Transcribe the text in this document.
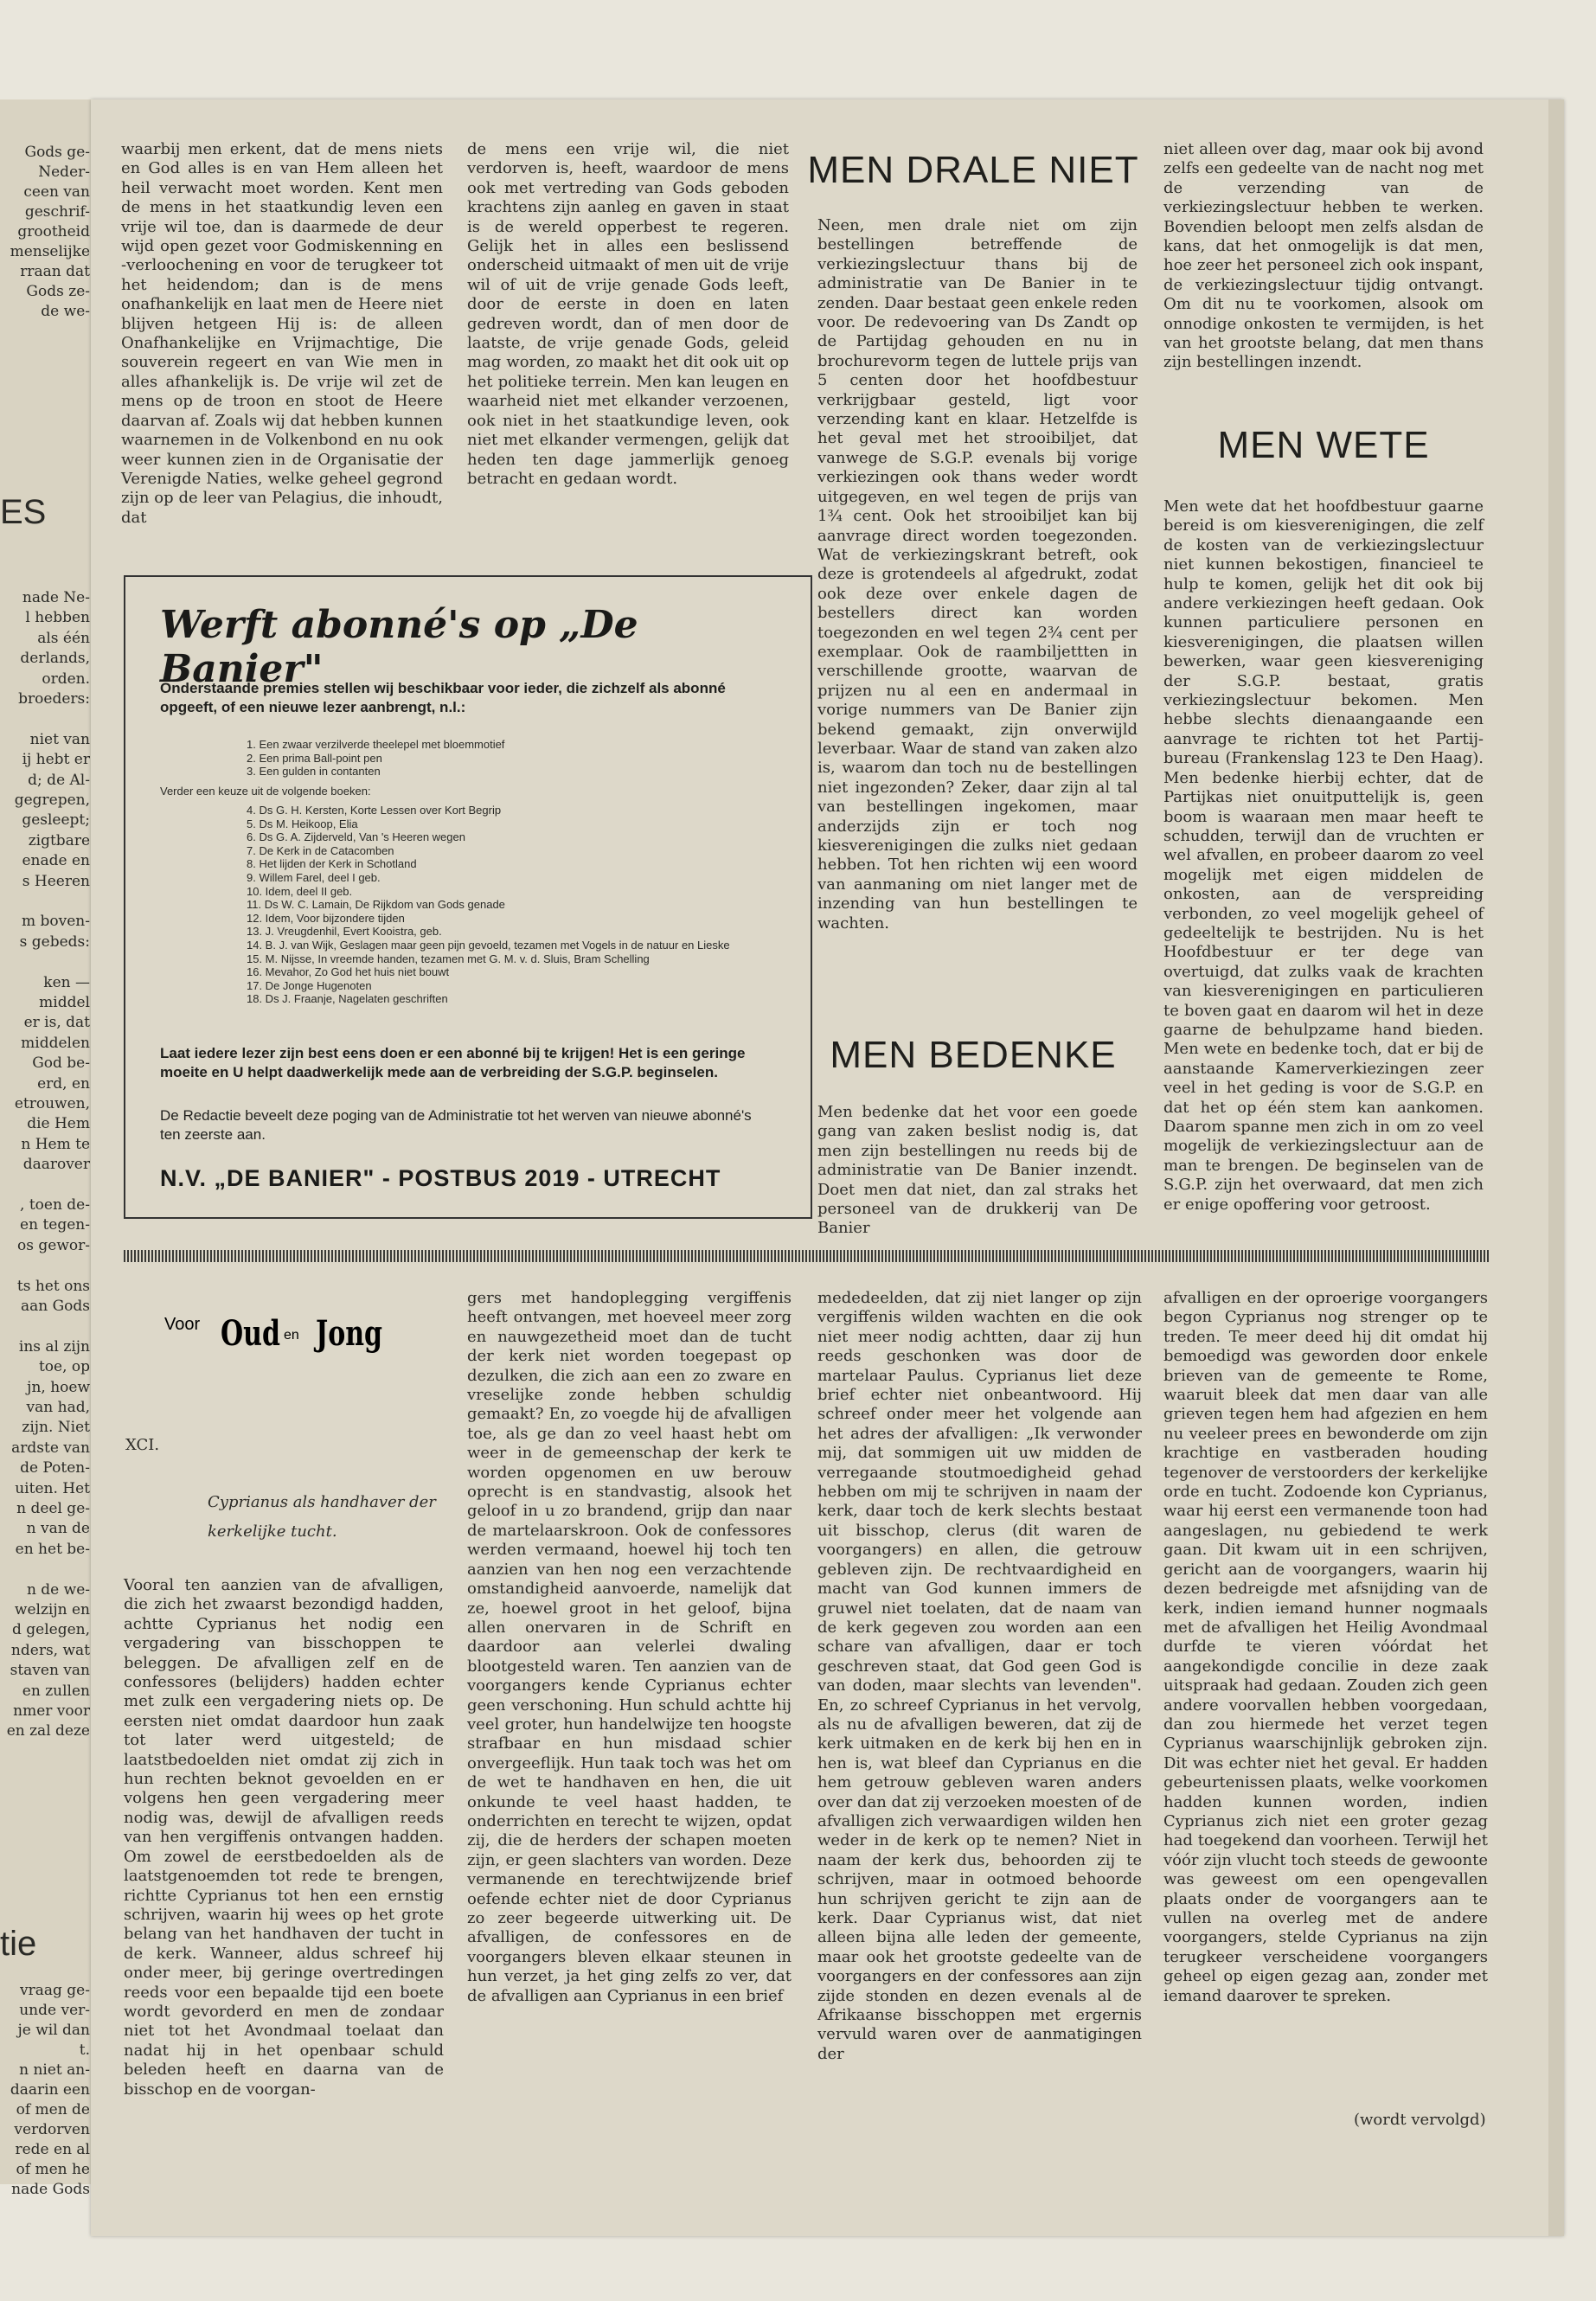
ES
tie
Gods ge-
Neder-
ceen van
geschrif-
grootheid
menselijke
rraan dat
Gods ze-
de we-
nade Ne-
l hebben
als één
derlands,
orden.
broeders:
niet van
ij hebt er
d; de Al-
gegrepen,
gesleept;
zigtbare
enade en
s Heeren
m boven-
s gebeds:
ken —
middel
er is, dat
middelen
God be-
erd, en
etrouwen,
die Hem
n Hem te
daarover
, toen de-
en tegen-
os gewor-
ts het ons
aan Gods
ins al zijn
toe, op
jn, hoew
van had,
zijn. Niet
ardste van
de Poten-
uiten. Het
n deel ge-
n van de
en het be-
n de we-
welzijn en
d gelegen,
nders, wat
staven van
en zullen
nmer voor
en zal deze
vraag ge-
unde ver-
je wil dan
t.
n niet an-
daarin een
of men de
verdorven
rede en al
of men he
nade Gods
waarbij men erkent, dat de mens niets en God alles is en van Hem alleen het heil verwacht moet worden. Kent men de mens in het staatkundig leven een vrije wil toe, dan is daarmede de deur wijd open gezet voor Godmiskenning en -verloochening en voor de terugkeer tot het heidendom; dan is de mens onafhankelijk en laat men de Heere niet blijven hetgeen Hij is: de alleen Onafhankelijke en Vrijmachtige, Die souverein regeert en van Wie men in alles afhankelijk is. De vrije wil zet de mens op de troon en stoot de Heere daarvan af. Zoals wij dat hebben kunnen waarnemen in de Volkenbond en nu ook weer kunnen zien in de Organisatie der Verenigde Naties, welke geheel gegrond zijn op de leer van Pelagius, die inhoudt, dat
de mens een vrije wil, die niet verdorven is, heeft, waardoor de mens ook met vertreding van Gods geboden krachtens zijn aanleg en gaven in staat is de wereld opperbest te regeren. Gelijk het in alles een beslissend onderscheid uitmaakt of men uit de vrije wil of uit de vrije genade Gods leeft, door de eerste in doen en laten gedreven wordt, dan of men door de laatste, de vrije genade Gods, geleid mag worden, zo maakt het dit ook uit op het politieke terrein. Men kan leugen en waarheid niet met elkander verzoenen, ook niet in het staatkundige leven, ook niet met elkander vermengen, gelijk dat heden ten dage jammerlijk genoeg betracht en gedaan wordt.
Werft abonné's op „De Banier"
Onderstaande premies stellen wij beschikbaar voor ieder, die zichzelf als abonné opgeeft, of een nieuwe lezer aanbrengt, n.l.:
1. Een zwaar verzilverde theelepel met bloemmotief
2. Een prima Ball-point pen
3. Een gulden in contanten
Verder een keuze uit de volgende boeken:
4. Ds G. H. Kersten, Korte Lessen over Kort Begrip
5. Ds M. Heikoop, Elia
6. Ds G. A. Zijderveld, Van 's Heeren wegen
7. De Kerk in de Catacomben
8. Het lijden der Kerk in Schotland
9. Willem Farel, deel I geb.
10. Idem, deel II geb.
11. Ds W. C. Lamain, De Rijkdom van Gods genade
12. Idem, Voor bijzondere tijden
13. J. Vreugdenhil, Evert Kooistra, geb.
14. B. J. van Wijk, Geslagen maar geen pijn gevoeld, tezamen met Vogels in de natuur en Lieske
15. M. Nijsse, In vreemde handen, tezamen met G. M. v. d. Sluis, Bram Schelling
16. Mevahor, Zo God het huis niet bouwt
17. De Jonge Hugenoten
18. Ds J. Fraanje, Nagelaten geschriften
Laat iedere lezer zijn best eens doen er een abonné bij te krijgen! Het is een geringe moeite en U helpt daadwerkelijk mede aan de verbreiding der S.G.P. beginselen.
De Redactie beveelt deze poging van de Administratie tot het werven van nieuwe abonné's ten zeerste aan.
N.V. „DE BANIER" - POSTBUS 2019 - UTRECHT
MEN DRALE NIET
Neen, men drale niet om zijn bestellingen betreffende de verkiezingslectuur thans bij de administratie van De Banier in te zenden. Daar bestaat geen enkele reden voor. De redevoering van Ds Zandt op de Partijdag gehouden en nu in brochurevorm tegen de luttele prijs van 5 centen door het hoofdbestuur verkrijgbaar gesteld, ligt voor verzending kant en klaar. Hetzelfde is het geval met het strooibiljet, dat vanwege de S.G.P. evenals bij vorige verkiezingen ook thans weder wordt uitgegeven, en wel tegen de prijs van 1¾ cent. Ook het strooibiljet kan bij aanvrage direct worden toegezonden. Wat de verkiezingskrant betreft, ook deze is grotendeels al afgedrukt, zodat ook deze over enkele dagen de bestellers direct kan worden toegezonden en wel tegen 2¾ cent per exemplaar. Ook de raambiljettten in verschillende grootte, waarvan de prijzen nu al een en andermaal in vorige nummers van De Banier zijn bekend gemaakt, zijn onverwijld leverbaar. Waar de stand van zaken alzo is, waarom dan toch nu de bestellingen niet ingezonden? Zeker, daar zijn al tal van bestellingen ingekomen, maar anderzijds zijn er toch nog kiesverenigingen die zulks niet gedaan hebben. Tot hen richten wij een woord van aanmaning om niet langer met de inzending van hun bestellingen te wachten.
MEN BEDENKE
Men bedenke dat het voor een goede gang van zaken beslist nodig is, dat men zijn bestellingen nu reeds bij de administratie van De Banier inzendt. Doet men dat niet, dan zal straks het personeel van de drukkerij van De Banier
niet alleen over dag, maar ook bij avond zelfs een gedeelte van de nacht nog met de verzending van de verkiezingslectuur hebben te werken. Bovendien beloopt men zelfs alsdan de kans, dat het onmogelijk is dat men, hoe zeer het personeel zich ook inspant, de verkiezingslectuur tijdig ontvangt. Om dit nu te voorkomen, alsook om onnodige onkosten te vermijden, is het van het grootste belang, dat men thans zijn bestellingen inzendt.
MEN WETE
Men wete dat het hoofdbestuur gaarne bereid is om kiesverenigingen, die zelf de kosten van de verkiezingslectuur niet kunnen bekostigen, financieel te hulp te komen, gelijk het dit ook bij andere verkiezingen heeft gedaan. Ook kunnen particuliere personen en kiesverenigingen, die plaatsen willen bewerken, waar geen kiesvereniging der S.G.P. bestaat, gratis verkiezingslectuur bekomen. Men hebbe slechts dienaangaande een aanvrage te richten tot het Partij-bureau (Frankenslag 123 te Den Haag). Men bedenke hierbij echter, dat de Partijkas niet onuitputtelijk is, geen boom is waaraan men maar heeft te schudden, terwijl dan de vruchten er wel afvallen, en probeer daarom zo veel mogelijk met eigen middelen de onkosten, aan de verspreiding verbonden, zo veel mogelijk geheel of gedeeltelijk te bestrijden. Nu is het Hoofdbestuur er ter dege van overtuigd, dat zulks vaak de krachten van kiesverenigingen en particulieren te boven gaat en daarom wil het in deze gaarne de behulpzame hand bieden. Men wete en bedenke toch, dat er bij de aanstaande Kamerverkiezingen zeer veel in het geding is voor de S.G.P. en dat het op één stem kan aankomen. Daarom spanne men zich in om zo veel mogelijk de verkiezingslectuur aan de man te brengen. De beginselen van de S.G.P. zijn het overwaard, dat men zich er enige opoffering voor getroost.
Voor Oud en Jong
XCI.
Cyprianus als handhaver der kerkelijke tucht.
Vooral ten aanzien van de afvalligen, die zich het zwaarst bezondigd hadden, achtte Cyprianus het nodig een vergadering van bisschoppen te beleggen. De afvalligen zelf en de confessores (belijders) hadden echter met zulk een vergadering niets op. De eersten niet omdat daardoor hun zaak tot later werd uitgesteld; de laatstbedoelden niet omdat zij zich in hun rechten beknot gevoelden en er volgens hen geen vergadering meer nodig was, dewijl de afvalligen reeds van hen vergiffenis ontvangen hadden. Om zowel de eerstbedoelden als de laatstgenoemden tot rede te brengen, richtte Cyprianus tot hen een ernstig schrijven, waarin hij wees op het grote belang van het handhaven der tucht in de kerk. Wanneer, aldus schreef hij onder meer, bij geringe overtredingen reeds voor een bepaalde tijd een boete wordt gevorderd en men de zondaar niet tot het Avondmaal toelaat dan nadat hij in het openbaar schuld beleden heeft en daarna van de bisschop en de voorgan-
gers met handoplegging vergiffenis heeft ontvangen, met hoeveel meer zorg en nauwgezetheid moet dan de tucht der kerk niet worden toegepast op dezulken, die zich aan een zo zware en vreselijke zonde hebben schuldig gemaakt? En, zo voegde hij de afvalligen toe, als ge dan zo veel haast hebt om weer in de gemeenschap der kerk te worden opgenomen en uw berouw oprecht is en standvastig, alsook het geloof in u zo brandend, grijp dan naar de martelaarskroon. Ook de confessores werden vermaand, hoewel hij toch ten aanzien van hen nog een verzachtende omstandigheid aanvoerde, namelijk dat ze, hoewel groot in het geloof, bijna allen onervaren in de Schrift en daardoor aan velerlei dwaling blootgesteld waren. Ten aanzien van de voorgangers kende Cyprianus echter geen verschoning. Hun schuld achtte hij veel groter, hun handelwijze ten hoogste strafbaar en hun misdaad schier onvergeeflijk. Hun taak toch was het om de wet te handhaven en hen, die uit onkunde te veel haast hadden, te onderrichten en terecht te wijzen, opdat zij, die de herders der schapen moeten zijn, er geen slachters van worden. Deze vermanende en terechtwijzende brief oefende echter niet de door Cyprianus zo zeer begeerde uitwerking uit. De afvalligen, de confessores en de voorgangers bleven elkaar steunen in hun verzet, ja het ging zelfs zo ver, dat de afvalligen aan Cyprianus in een brief
mededeelden, dat zij niet langer op zijn vergiffenis wilden wachten en die ook niet meer nodig achtten, daar zij hun reeds geschonken was door de martelaar Paulus. Cyprianus liet deze brief echter niet onbeantwoord. Hij schreef onder meer het volgende aan het adres der afvalligen: „Ik verwonder mij, dat sommigen uit uw midden de verregaande stoutmoedigheid gehad hebben om mij te schrijven in naam der kerk, daar toch de kerk slechts bestaat uit bisschop, clerus (dit waren de voorgangers) en allen, die getrouw gebleven zijn. De rechtvaardigheid en macht van God kunnen immers de gruwel niet toelaten, dat de naam van de kerk gegeven zou worden aan een schare van afvalligen, daar er toch geschreven staat, dat God geen God is van doden, maar slechts van levenden". En, zo schreef Cyprianus in het vervolg, als nu de afvalligen beweren, dat zij de kerk uitmaken en de kerk bij hen en in hen is, wat bleef dan Cyprianus en die hem getrouw gebleven waren anders over dan dat zij verzoeken moesten of de afvalligen zich verwaardigen wilden hen weder in de kerk op te nemen? Niet in naam der kerk dus, behoorden zij te schrijven, maar in ootmoed behoorde hun schrijven gericht te zijn aan de kerk. Daar Cyprianus wist, dat niet alleen bijna alle leden der gemeente, maar ook het grootste gedeelte van de voorgangers en der confessores aan zijn zijde stonden en dezen evenals al de Afrikaanse bisschoppen met ergernis vervuld waren over de aanmatigingen der
afvalligen en der oproerige voorgangers begon Cyprianus nog strenger op te treden. Te meer deed hij dit omdat hij bemoedigd was geworden door enkele brieven van de gemeente te Rome, waaruit bleek dat men daar van alle grieven tegen hem had afgezien en hem nu veeleer prees en bewonderde om zijn krachtige en vastberaden houding tegenover de verstoorders der kerkelijke orde en tucht. Zodoende kon Cyprianus, waar hij eerst een vermanende toon had aangeslagen, nu gebiedend te werk gaan. Dit kwam uit in een schrijven, gericht aan de voorgangers, waarin hij dezen bedreigde met afsnijding van de kerk, indien iemand hunner nogmaals met de afvalligen het Heilig Avondmaal durfde te vieren vóórdat het aangekondigde concilie in deze zaak uitspraak had gedaan. Zouden zich geen andere voorvallen hebben voorgedaan, dan zou hiermede het verzet tegen Cyprianus waarschijnlijk gebroken zijn. Dit was echter niet het geval. Er hadden gebeurtenissen plaats, welke voorkomen hadden kunnen worden, indien Cyprianus zich niet een groter gezag had toegekend dan voorheen. Terwijl het vóór zijn vlucht toch steeds de gewoonte was geweest om een opengevallen plaats onder de voorgangers aan te vullen na overleg met de andere voorgangers, stelde Cyprianus na zijn terugkeer verscheidene voorgangers geheel op eigen gezag aan, zonder met iemand daarover te spreken.
(wordt vervolgd)
